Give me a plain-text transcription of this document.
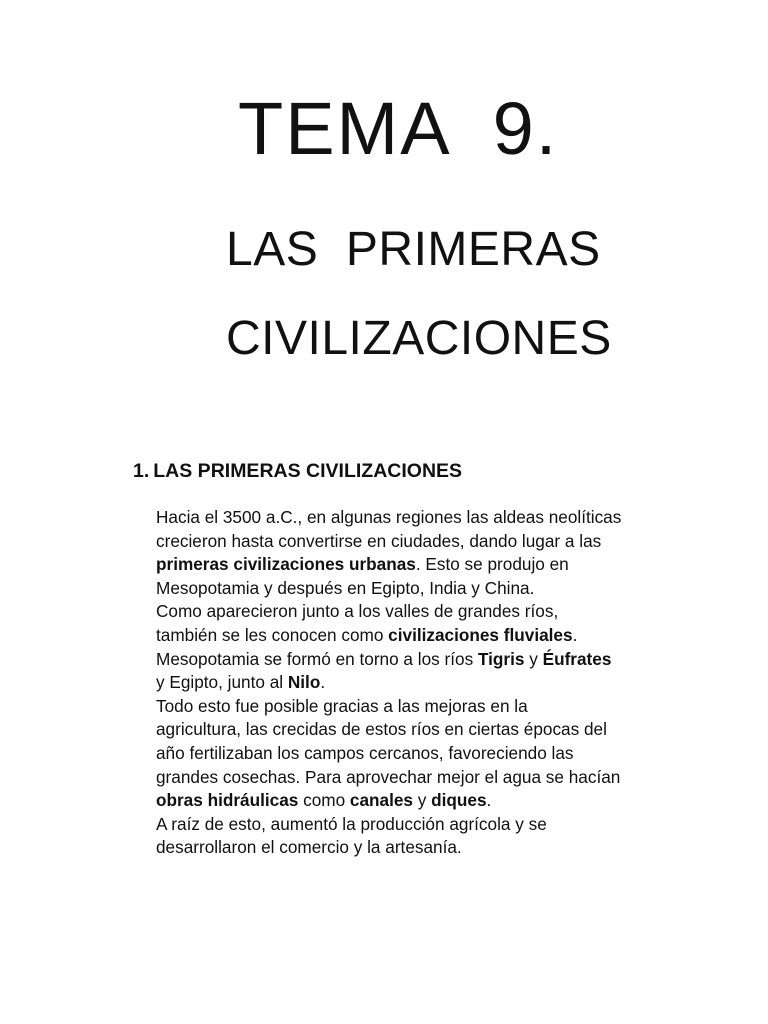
TEMA  9.
LAS  PRIMERAS
CIVILIZACIONES
1. LAS PRIMERAS CIVILIZACIONES
Hacia el 3500 a.C., en algunas regiones las aldeas neolíticas
crecieron hasta convertirse en ciudades, dando lugar a las
primeras civilizaciones urbanas. Esto se produjo en
Mesopotamia y después en Egipto, India y China.
Como aparecieron junto a los valles de grandes ríos,
también se les conocen como civilizaciones fluviales.
Mesopotamia se formó en torno a los ríos Tigris y Éufrates
y Egipto, junto al Nilo.
Todo esto fue posible gracias a las mejoras en la
agricultura, las crecidas de estos ríos en ciertas épocas del
año fertilizaban los campos cercanos, favoreciendo las
grandes cosechas. Para aprovechar mejor el agua se hacían
obras hidráulicas como canales y diques.
A raíz de esto, aumentó la producción agrícola y se
desarrollaron el comercio y la artesanía.
